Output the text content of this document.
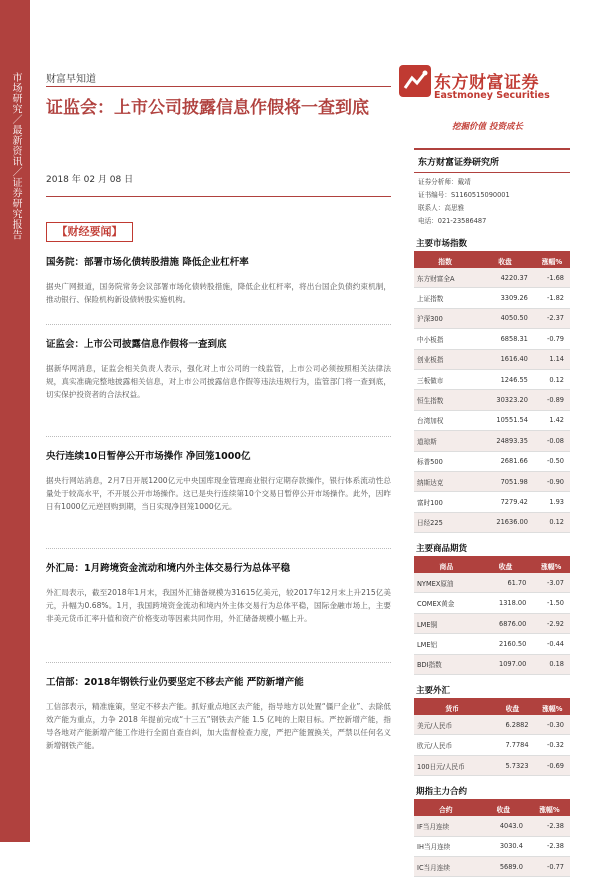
市场研究／最新资讯／证券研究报告	财富早知道
证监会：上市公司披露信息作假将一查到底
2018 年 02 月 08 日
东方财富证券
Eastmoney Securities
挖掘价值 投资成长
【财经要闻】
国务院：部署市场化债转股措施 降低企业杠杆率

据央广网报道，国务院常务会议部署市场化债转股措施，降低企业杠杆率，将出台国企负债约束机制，推动银行、保险机构新设债转股实施机构。

证监会：上市公司披露信息作假将一查到底

据新华网消息，证监会相关负责人表示，强化对上市公司的一线监管，上市公司必须按照相关法律法规，真实准确完整地披露相关信息，对上市公司披露信息作假等违法违规行为，监管部门将一查到底，切实保护投资者的合法权益。

央行连续10日暂停公开市场操作 净回笼1000亿

据央行网站消息，2月7日开展1200亿元中央国库现金管理商业银行定期存款操作，银行体系流动性总量处于较高水平，不开展公开市场操作。这已是央行连续第10个交易日暂停公开市场操作。此外，因昨日有1000亿元逆回购到期，当日实现净回笼1000亿元。

外汇局：1月跨境资金流动和境内外主体交易行为总体平稳

外汇局表示，截至2018年1月末，我国外汇储备规模为31615亿美元，较2017年12月末上升215亿美元，升幅为0.68%。1月，我国跨境资金流动和境内外主体交易行为总体平稳，国际金融市场上，主要非美元货币汇率升值和资产价格变动等因素共同作用，外汇储备规模小幅上升。

工信部：2018年钢铁行业仍要坚定不移去产能 严防新增产能

工信部表示，精准施策，坚定不移去产能。抓好重点地区去产能，指导地方以处置“僵尸企业”、去除低效产能为重点，力争 2018 年提前完成“十三五”钢铁去产能 1.5 亿吨的上限目标。严控新增产能，指导各地对产能新增产能工作进行全面自查自纠，加大监督检查力度，严把产能置换关，严禁以任何名义新增钢铁产能。

东方财富证券研究所
证券分析师：戴靖
证书编号：S1160515090001
联系人：高思雅
电话：021-23586487
主要市场指数
指数	收盘	涨幅%
东方财富全A	4220.37	-1.68
上证指数	3309.26	-1.82
沪深300	4050.50	-2.37
中小板指	6858.31	-0.79
创业板指	1616.40	1.14
三板做市	1246.55	0.12
恒生指数	30323.20	-0.89
台湾加权	10551.54	1.42
道琼斯	24893.35	-0.08
标普500	2681.66	-0.50
纳斯达克	7051.98	-0.90
富时100	7279.42	1.93
日经225	21636.00	0.12
主要商品期货
商品	收盘	涨幅%
NYMEX原油	61.70	-3.07
COMEX黄金	1318.00	-1.50
LME铜	6876.00	-2.92
LME铝	2160.50	-0.44
BDI指数	1097.00	0.18
主要外汇
货币	收盘	涨幅%
美元/人民币	6.2882	-0.30
欧元/人民币	7.7784	-0.32
100日元/人民币	5.7323	-0.69
期指主力合约
合约	收盘	涨幅%
IF当月连续	4043.0	-2.38
IH当月连续	3030.4	-2.38
IC当月连续	5689.0	-0.77
